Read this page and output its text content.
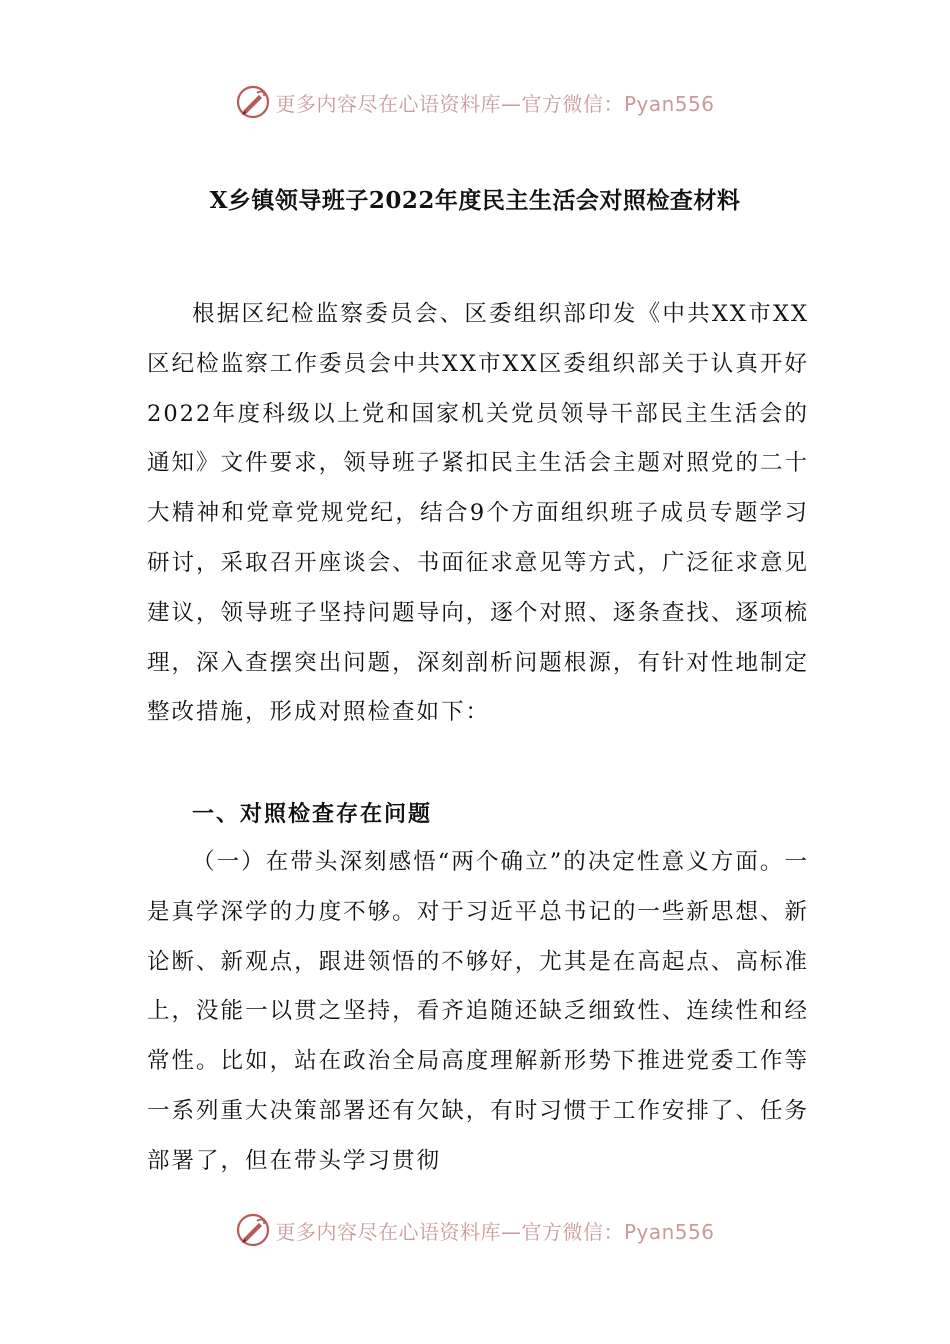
更多内容尽在心语资料库—官方微信：Pyan556
X乡镇领导班子2022年度民主生活会对照检查材料

根据区纪检监察委员会、区委组织部印发《中共XX市XX区纪检监察工作委员会中共XX市XX区委组织部关于认真开好2022年度科级以上党和国家机关党员领导干部民主生活会的通知》文件要求，领导班子紧扣民主生活会主题对照党的二十大精神和党章党规党纪，结合9个方面组织班子成员专题学习研讨，采取召开座谈会、书面征求意见等方式，广泛征求意见建议，领导班子坚持问题导向，逐个对照、逐条查找、逐项梳理，深入查摆突出问题，深刻剖析问题根源，有针对性地制定整改措施，形成对照检查如下：

一、对照检查存在问题

（一）在带头深刻感悟“两个确立”的决定性意义方面。一是真学深学的力度不够。对于习近平总书记的一些新思想、新论断、新观点，跟进领悟的不够好，尤其是在高起点、高标准上，没能一以贯之坚持，看齐追随还缺乏细致性、连续性和经常性。比如，站在政治全局高度理解新形势下推进党委工作等一系列重大决策部署还有欠缺，有时习惯于工作安排了、任务部署了，但在带头学习贯彻

更多内容尽在心语资料库—官方微信：Pyan556
